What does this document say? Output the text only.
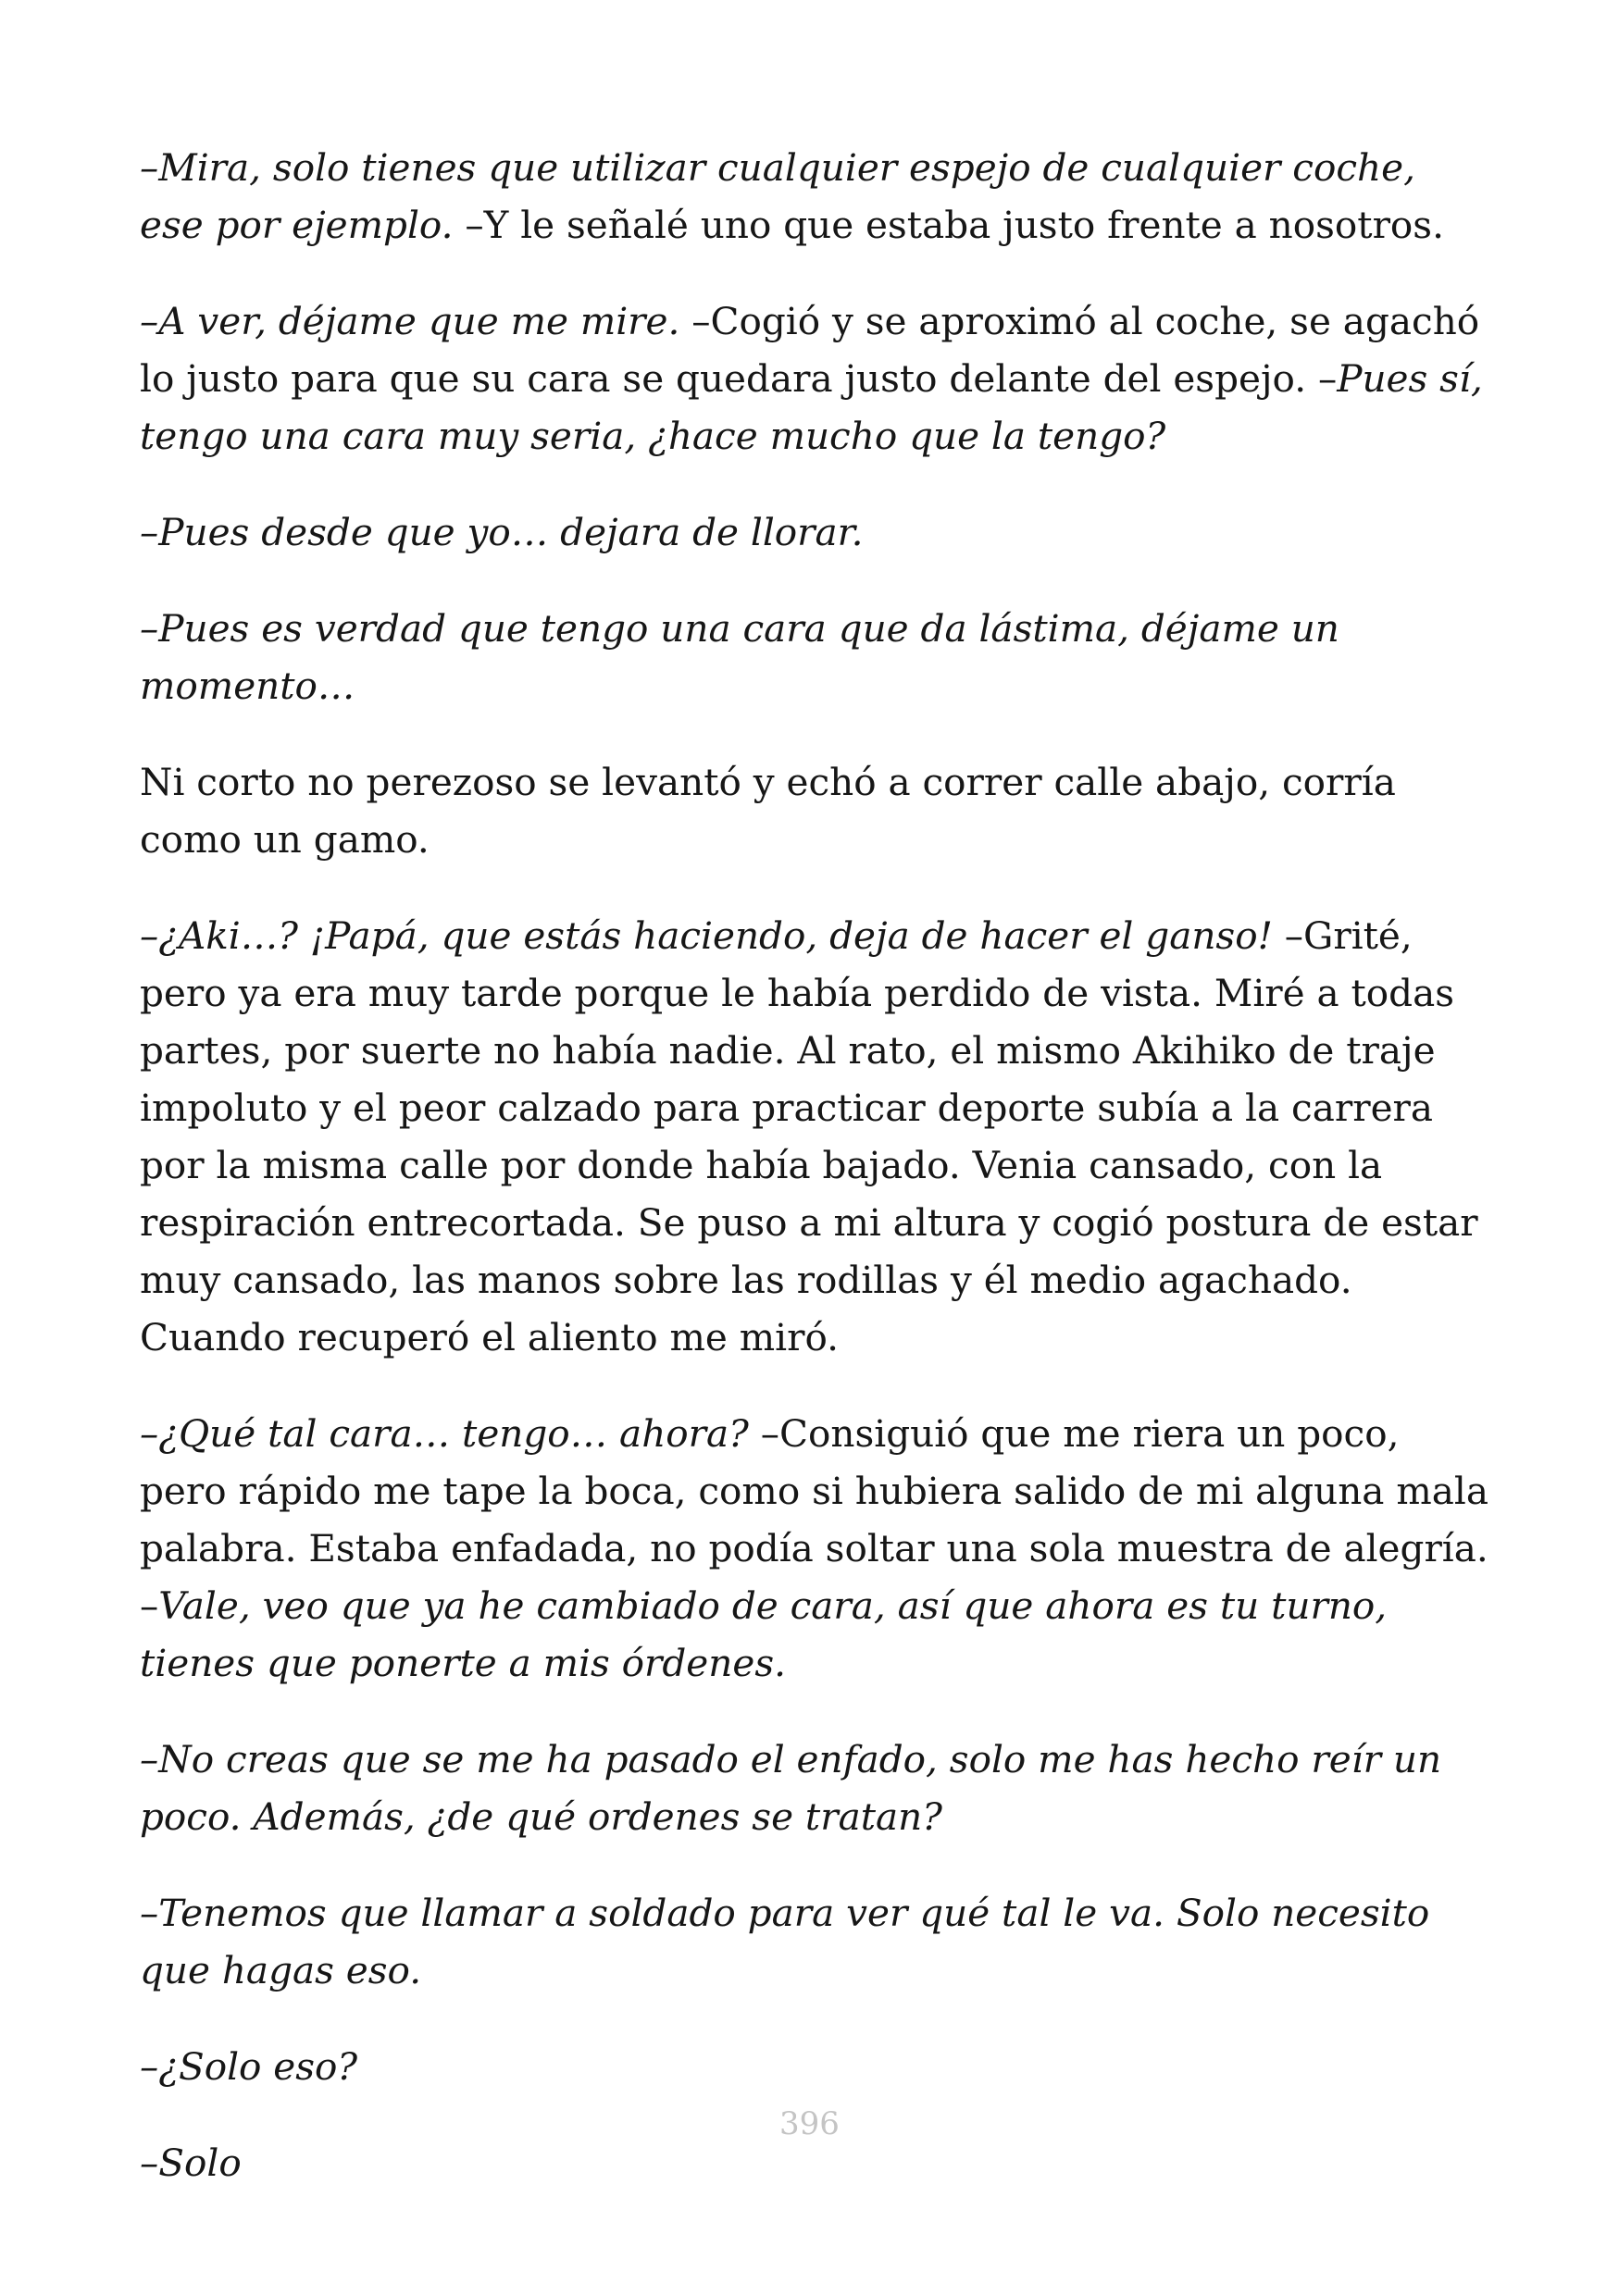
–Mira, solo tienes que utilizar cualquier espejo de cualquier coche, ese por ejemplo. –Y le señalé uno que estaba justo frente a nosotros.

–A ver, déjame que me mire. –Cogió y se aproximó al coche, se agachó lo justo para que su cara se quedara justo delante del espejo. –Pues sí, tengo una cara muy seria, ¿hace mucho que la tengo?

–Pues desde que yo… dejara de llorar.

–Pues es verdad que tengo una cara que da lástima, déjame un momento…

Ni corto no perezoso se levantó y echó a correr calle abajo, corría como un gamo.

–¿Aki…? ¡Papá, que estás haciendo, deja de hacer el ganso! –Grité, pero ya era muy tarde porque le había perdido de vista. Miré a todas partes, por suerte no había nadie. Al rato, el mismo Akihiko de traje impoluto y el peor calzado para practicar deporte subía a la carrera por la misma calle por donde había bajado. Venia cansado, con la respiración entrecortada. Se puso a mi altura y cogió postura de estar muy cansado, las manos sobre las rodillas y él medio agachado. Cuando recuperó el aliento me miró.

–¿Qué tal cara… tengo… ahora? –Consiguió que me riera un poco, pero rápido me tape la boca, como si hubiera salido de mi alguna mala palabra. Estaba enfadada, no podía soltar una sola muestra de alegría. –Vale, veo que ya he cambiado de cara, así que ahora es tu turno, tienes que ponerte a mis órdenes.

–No creas que se me ha pasado el enfado, solo me has hecho reír un poco. Además, ¿de qué ordenes se tratan?

–Tenemos que llamar a soldado para ver qué tal le va. Solo necesito que hagas eso.

–¿Solo eso?

–Solo

396
